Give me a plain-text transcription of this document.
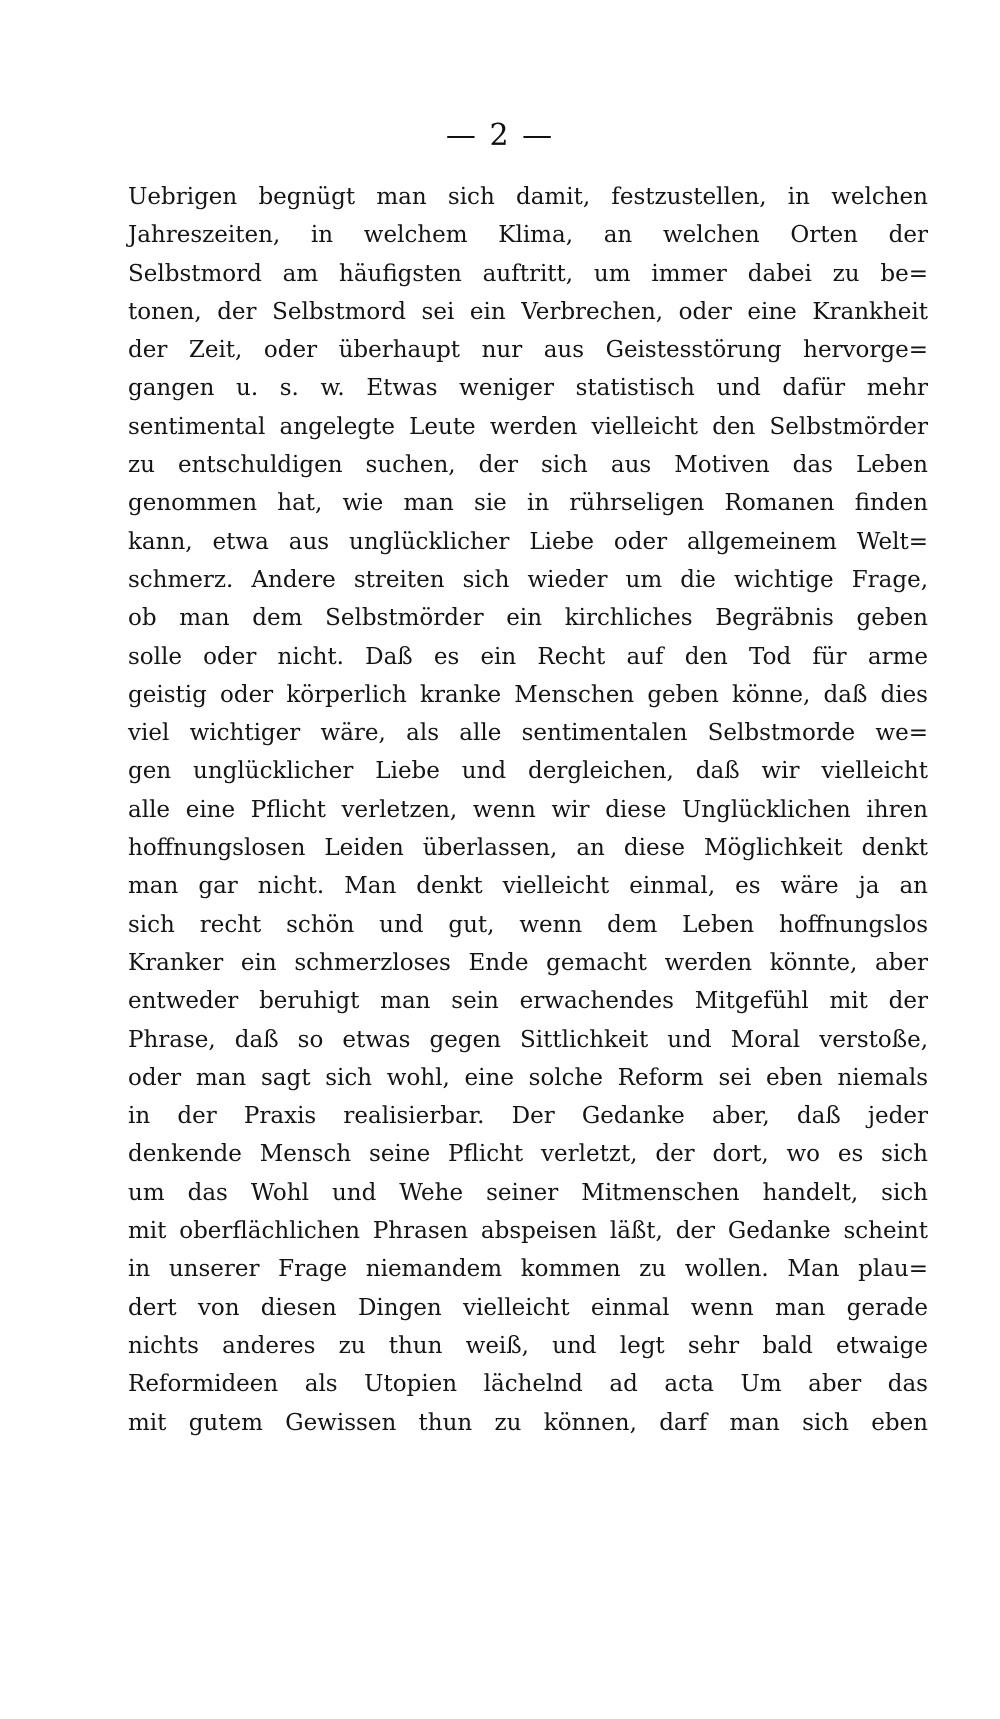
— 2 —
Uebrigen begnügt man sich damit, festzustellen, in welchen
Jahreszeiten, in welchem Klima, an welchen Orten der
Selbstmord am häufigsten auftritt, um immer dabei zu be=
tonen, der Selbstmord sei ein Verbrechen, oder eine Krankheit
der Zeit, oder überhaupt nur aus Geistesstörung hervorge=
gangen u. s. w. Etwas weniger statistisch und dafür mehr
sentimental angelegte Leute werden vielleicht den Selbstmörder
zu entschuldigen suchen, der sich aus Motiven das Leben
genommen hat, wie man sie in rührseligen Romanen finden
kann, etwa aus unglücklicher Liebe oder allgemeinem Welt=
schmerz. Andere streiten sich wieder um die wichtige Frage,
ob man dem Selbstmörder ein kirchliches Begräbnis geben
solle oder nicht. Daß es ein Recht auf den Tod für arme
geistig oder körperlich kranke Menschen geben könne, daß dies
viel wichtiger wäre, als alle sentimentalen Selbstmorde we=
gen unglücklicher Liebe und dergleichen, daß wir vielleicht
alle eine Pflicht verletzen, wenn wir diese Unglücklichen ihren
hoffnungslosen Leiden überlassen, an diese Möglichkeit denkt
man gar nicht. Man denkt vielleicht einmal, es wäre ja an
sich recht schön und gut, wenn dem Leben hoffnungslos
Kranker ein schmerzloses Ende gemacht werden könnte, aber
entweder beruhigt man sein erwachendes Mitgefühl mit der
Phrase, daß so etwas gegen Sittlichkeit und Moral verstoße,
oder man sagt sich wohl, eine solche Reform sei eben niemals
in der Praxis realisierbar. Der Gedanke aber, daß jeder
denkende Mensch seine Pflicht verletzt, der dort, wo es sich
um das Wohl und Wehe seiner Mitmenschen handelt, sich
mit oberflächlichen Phrasen abspeisen läßt, der Gedanke scheint
in unserer Frage niemandem kommen zu wollen. Man plau=
dert von diesen Dingen vielleicht einmal wenn man gerade
nichts anderes zu thun weiß, und legt sehr bald etwaige
Reformideen als Utopien lächelnd ad acta Um aber das
mit gutem Gewissen thun zu können, darf man sich eben
